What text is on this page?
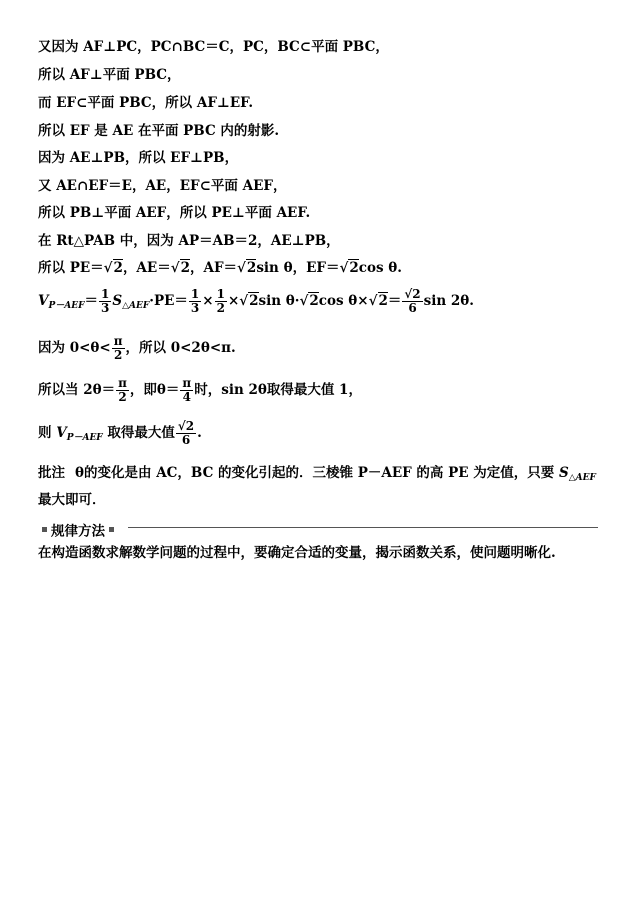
又因为 AF⊥PC，PC∩BC＝C，PC，BC⊂平面 PBC，
所以 AF⊥平面 PBC，
而 EF⊂平面 PBC，所以 AF⊥EF.
所以 EF 是 AE 在平面 PBC 内的射影.
因为 AE⊥PB，所以 EF⊥PB，
又 AE∩EF＝E，AE，EF⊂平面 AEF，
所以 PB⊥平面 AEF，所以 PE⊥平面 AEF.
在 Rt△PAB 中，因为 AP＝AB＝2，AE⊥PB，
所以 PE＝√2，AE＝√2，AF＝√2sin θ，EF＝√2cos θ.
$V_{P-AEF}= \frac{1}{3} S_{\triangle AEF}\cdot PE= \frac{1}{3} \times \frac{1}{2} \times√2\sin$ θ·√2cos $\theta\times√2= \frac{√2}{6}$ sin 2θ.
因为 $0<\theta< \frac{\pi}{2}$ ，所以 0<2θ<π.
所以当 $2\theta= \frac{\pi}{2}$ ，即$\theta= \frac{\pi}{4}$ 时，sin 2θ取得最大值 1，
则 $V_{P-AEF}$ 取得最大值 $\frac{√2}{6}$ .
批注 θ的变化是由 AC，BC 的变化引起的．三棱锥 P－AEF 的高 PE 为定值，只要 $S_{\triangle AEF}$ 最大即可．
规律方法
在构造函数求解数学问题的过程中，要确定合适的变量，揭示函数关系，使问题明晰化.
